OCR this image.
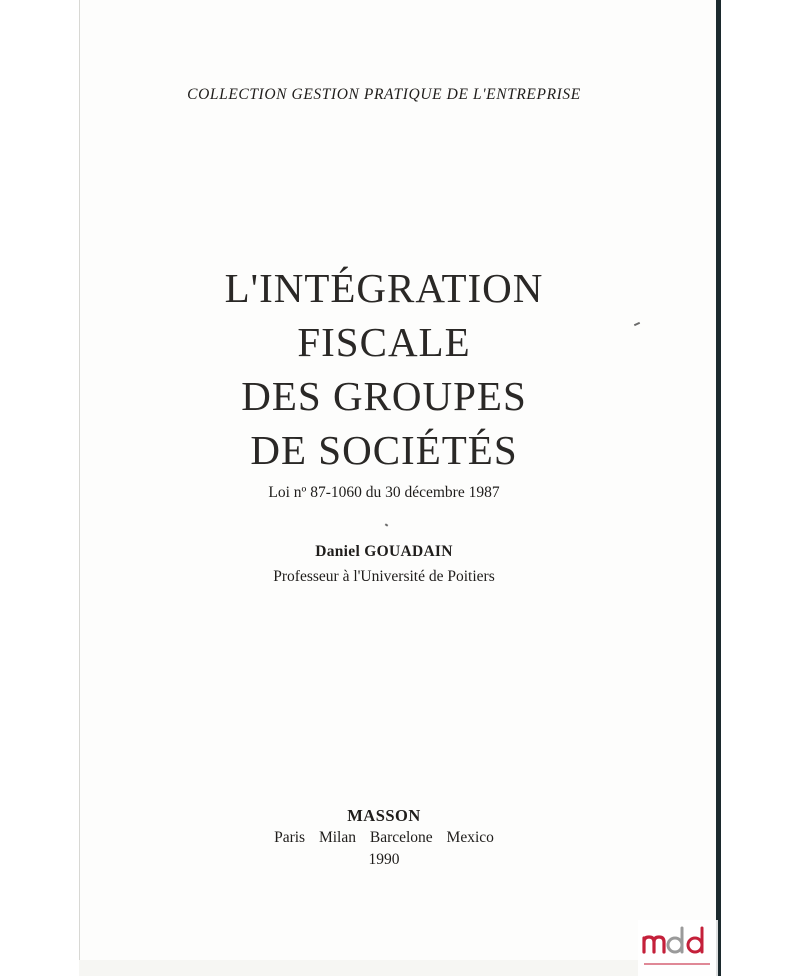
COLLECTION GESTION PRATIQUE DE L'ENTREPRISE
L'INTÉGRATION
FISCALE
DES GROUPES
DE SOCIÉTÉS
Loi nº 87-1060 du 30 décembre 1987
Daniel GOUADAIN
Professeur à l'Université de Poitiers
MASSON
Paris Milan Barcelone Mexico
1990
